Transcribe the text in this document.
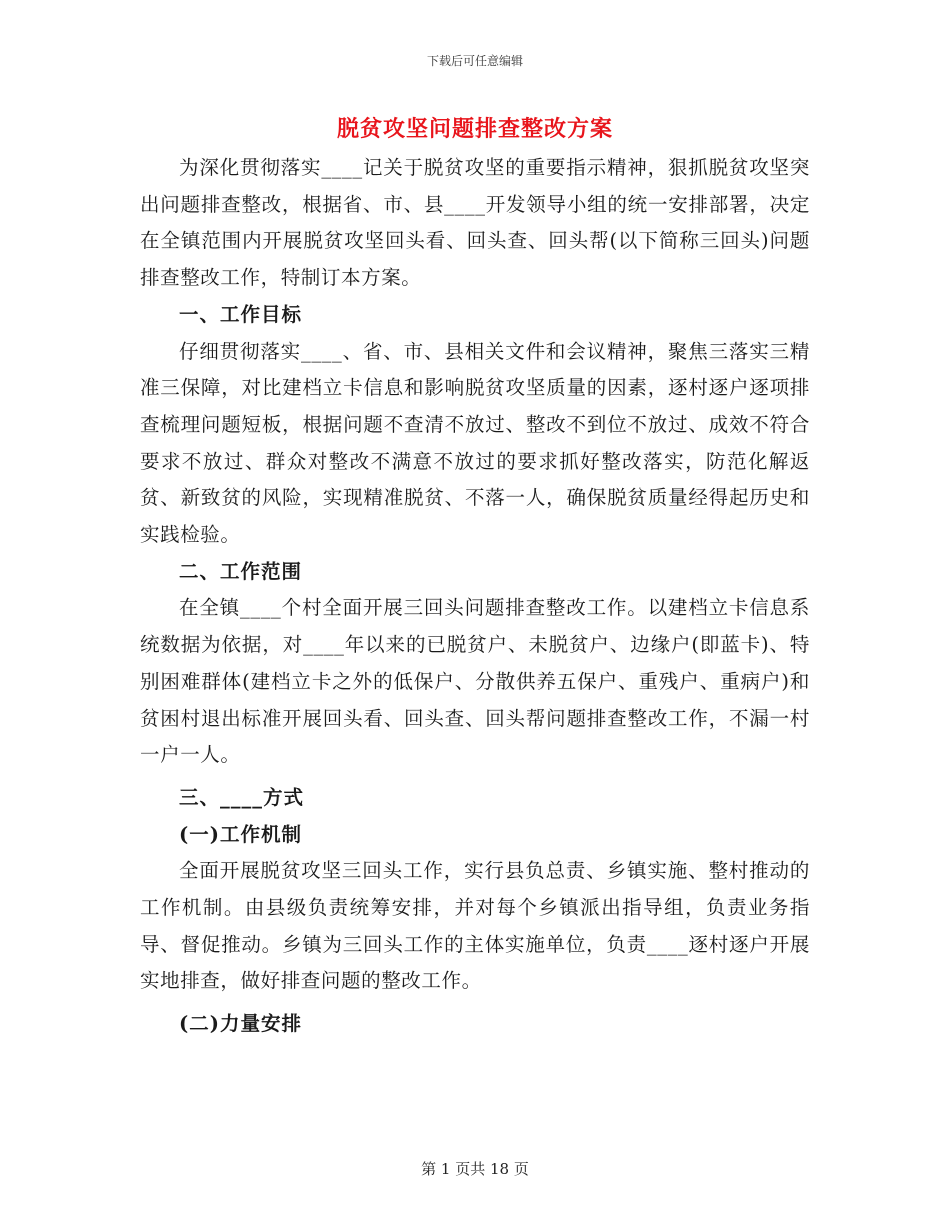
下载后可任意编辑
脱贫攻坚问题排查整改方案

为深化贯彻落实____记关于脱贫攻坚的重要指示精神，狠抓脱贫攻坚突出问题排查整改，根据省、市、县____开发领导小组的统一安排部署，决定在全镇范围内开展脱贫攻坚回头看、回头查、回头帮(以下简称三回头)问题排查整改工作，特制订本方案。

一、工作目标

仔细贯彻落实____、省、市、县相关文件和会议精神，聚焦三落实三精准三保障，对比建档立卡信息和影响脱贫攻坚质量的因素，逐村逐户逐项排查梳理问题短板，根据问题不查清不放过、整改不到位不放过、成效不符合要求不放过、群众对整改不满意不放过的要求抓好整改落实，防范化解返贫、新致贫的风险，实现精准脱贫、不落一人，确保脱贫质量经得起历史和实践检验。

二、工作范围

在全镇____个村全面开展三回头问题排查整改工作。以建档立卡信息系统数据为依据，对____年以来的已脱贫户、未脱贫户、边缘户(即蓝卡)、特别困难群体(建档立卡之外的低保户、分散供养五保户、重残户、重病户)和贫困村退出标准开展回头看、回头查、回头帮问题排查整改工作，不漏一村一户一人。

三、____方式

(一)工作机制

全面开展脱贫攻坚三回头工作，实行县负总责、乡镇实施、整村推动的工作机制。由县级负责统筹安排，并对每个乡镇派出指导组，负责业务指导、督促推动。乡镇为三回头工作的主体实施单位，负责____逐村逐户开展实地排查，做好排查问题的整改工作。

(二)力量安排

第 1 页共 18 页
